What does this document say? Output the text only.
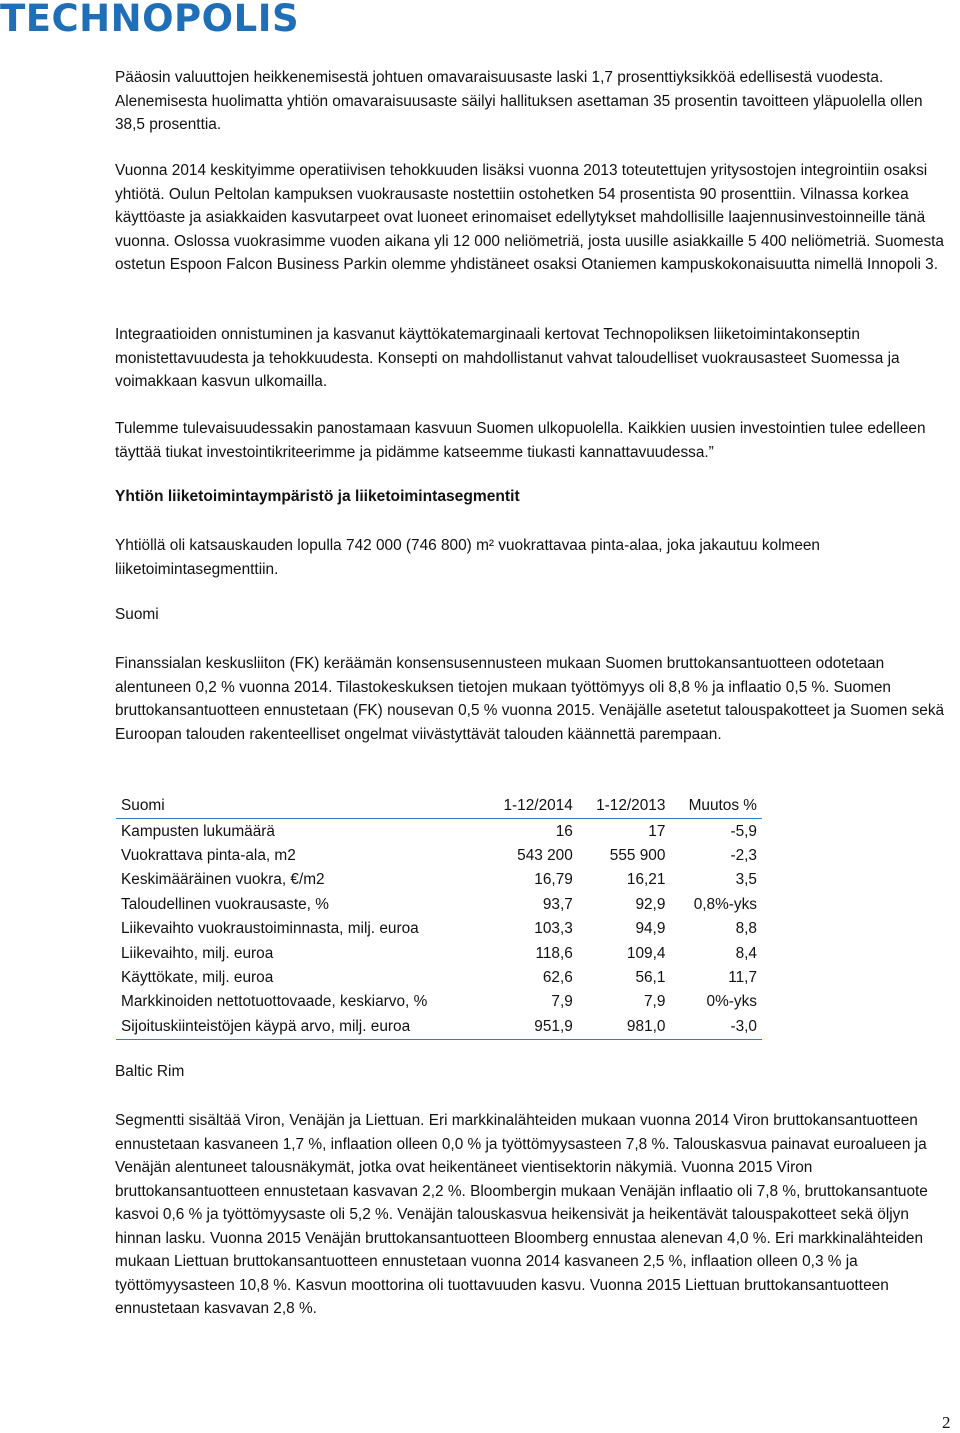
TECHNOPOLIS

Pääosin valuuttojen heikkenemisestä johtuen omavaraisuusaste laski 1,7 prosenttiyksikköä edellisestä vuodesta. Alenemisesta huolimatta yhtiön omavaraisuusaste säilyi hallituksen asettaman 35 prosentin tavoitteen yläpuolella ollen 38,5 prosenttia.

Vuonna 2014 keskityimme operatiivisen tehokkuuden lisäksi vuonna 2013 toteutettujen yritysostojen integrointiin osaksi yhtiötä. Oulun Peltolan kampuksen vuokrausaste nostettiin ostohetken 54 prosentista 90 prosenttiin. Vilnassa korkea käyttöaste ja asiakkaiden kasvutarpeet ovat luoneet erinomaiset edellytykset mahdollisille laajennusinvestoinneille tänä vuonna. Oslossa vuokrasimme vuoden aikana yli 12 000 neliömetriä, josta uusille asiakkaille 5 400 neliömetriä. Suomesta ostetun Espoon Falcon Business Parkin olemme yhdistäneet osaksi Otaniemen kampuskokonaisuutta nimellä Innopoli 3.

Integraatioiden onnistuminen ja kasvanut käyttökatemarginaali kertovat Technopoliksen liiketoimintakonseptin monistettavuudesta ja tehokkuudesta. Konsepti on mahdollistanut vahvat taloudelliset vuokrausasteet Suomessa ja voimakkaan kasvun ulkomailla.

Tulemme tulevaisuudessakin panostamaan kasvuun Suomen ulkopuolella. Kaikkien uusien investointien tulee edelleen täyttää tiukat investointikriteerimme ja pidämme katseemme tiukasti kannattavuudessa.”

Yhtiön liiketoimintaympäristö ja liiketoimintasegmentit

Yhtiöllä oli katsauskauden lopulla 742 000 (746 800) m² vuokrattavaa pinta-alaa, joka jakautuu kolmeen liiketoimintasegmenttiin.

Suomi

Finanssialan keskusliiton (FK) keräämän konsensusennusteen mukaan Suomen bruttokansantuotteen odotetaan alentuneen 0,2 % vuonna 2014. Tilastokeskuksen tietojen mukaan työttömyys oli 8,8 % ja inflaatio 0,5 %. Suomen bruttokansantuotteen ennustetaan (FK) nousevan 0,5 % vuonna 2015. Venäjälle asetetut talouspakotteet ja Suomen sekä Euroopan talouden rakenteelliset ongelmat viivästyttävät talouden käännettä parempaan.

Suomi	1-12/2014	1-12/2013	Muutos %
Kampusten lukumäärä	16	17	-5,9
Vuokrattava pinta-ala, m2	543 200	555 900	-2,3
Keskimääräinen vuokra, €/m2	16,79	16,21	3,5
Taloudellinen vuokrausaste, %	93,7	92,9	0,8%-yks
Liikevaihto vuokraustoiminnasta, milj. euroa	103,3	94,9	8,8
Liikevaihto, milj. euroa	118,6	109,4	8,4
Käyttökate, milj. euroa	62,6	56,1	11,7
Markkinoiden nettotuottovaade, keskiarvo, %	7,9	7,9	0%-yks
Sijoituskiinteistöjen käypä arvo, milj. euroa	951,9	981,0	-3,0
Baltic Rim

Segmentti sisältää Viron, Venäjän ja Liettuan. Eri markkinalähteiden mukaan vuonna 2014 Viron bruttokansantuotteen ennustetaan kasvaneen 1,7 %, inflaation olleen 0,0 % ja työttömyysasteen 7,8 %. Talouskasvua painavat euroalueen ja Venäjän alentuneet talousnäkymät, jotka ovat heikentäneet vientisektorin näkymiä. Vuonna 2015 Viron bruttokansantuotteen ennustetaan kasvavan 2,2 %. Bloombergin mukaan Venäjän inflaatio oli 7,8 %, bruttokansantuote kasvoi 0,6 % ja työttömyysaste oli 5,2 %. Venäjän talouskasvua heikensivät ja heikentävät talouspakotteet sekä öljyn hinnan lasku. Vuonna 2015 Venäjän bruttokansantuotteen Bloomberg ennustaa alenevan 4,0 %. Eri markkinalähteiden mukaan Liettuan bruttokansantuotteen ennustetaan vuonna 2014 kasvaneen 2,5 %, inflaation olleen 0,3 % ja työttömyysasteen 10,8 %. Kasvun moottorina oli tuottavuuden kasvu. Vuonna 2015 Liettuan bruttokansantuotteen ennustetaan kasvavan 2,8 %.

2
